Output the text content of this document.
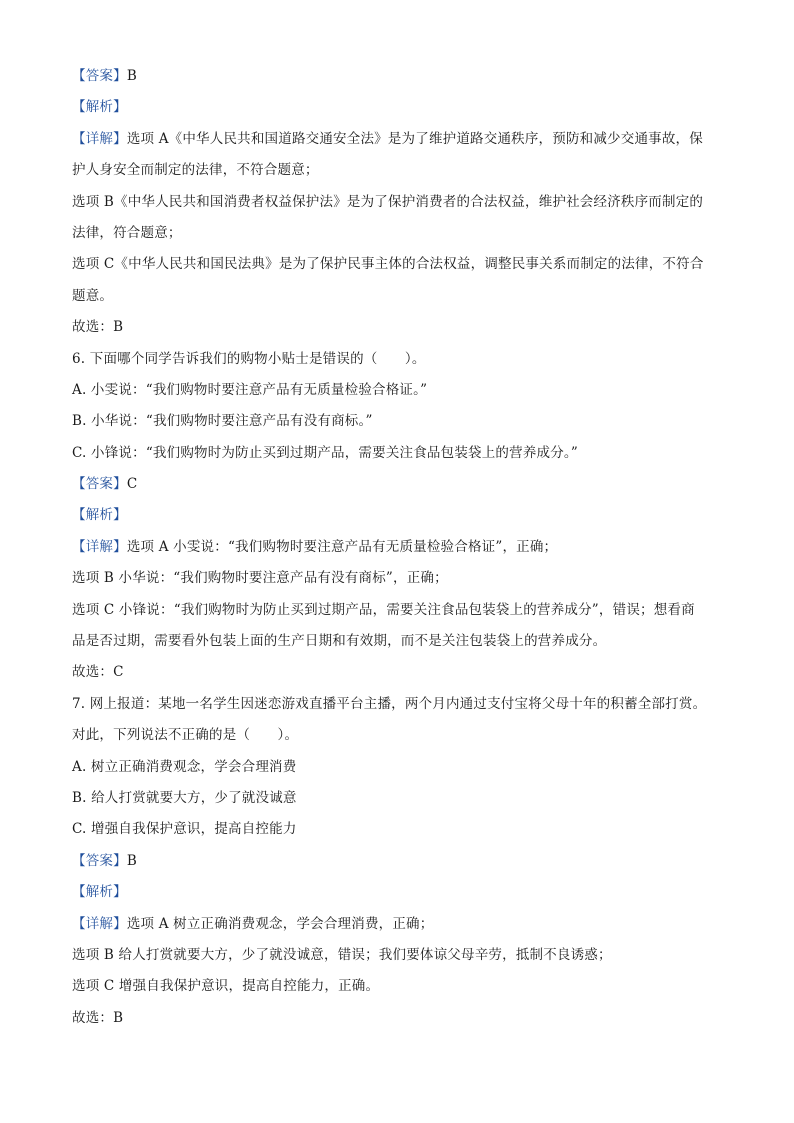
【答案】B
【解析】
【详解】选项 A《中华人民共和国道路交通安全法》是为了维护道路交通秩序，预防和减少交通事故，保
护人身安全而制定的法律，不符合题意；
选项 B《中华人民共和国消费者权益保护法》是为了保护消费者的合法权益，维护社会经济秩序而制定的
法律，符合题意；
选项 C《中华人民共和国民法典》是为了保护民事主体的合法权益，调整民事关系而制定的法律，不符合
题意。
故选：B
6. 下面哪个同学告诉我们的购物小贴士是错误的（　　）。
A. 小雯说：“我们购物时要注意产品有无质量检验合格证。”
B. 小华说：“我们购物时要注意产品有没有商标。”
C. 小锋说：“我们购物时为防止买到过期产品，需要关注食品包装袋上的营养成分。”
【答案】C
【解析】
【详解】选项 A 小雯说：“我们购物时要注意产品有无质量检验合格证”，正确；
选项 B 小华说：“我们购物时要注意产品有没有商标”，正确；
选项 C 小锋说：“我们购物时为防止买到过期产品，需要关注食品包装袋上的营养成分”，错误；想看商
品是否过期，需要看外包装上面的生产日期和有效期，而不是关注包装袋上的营养成分。
故选：C
7. 网上报道：某地一名学生因迷恋游戏直播平台主播，两个月内通过支付宝将父母十年的积蓄全部打赏。
对此，下列说法不正确的是（　　）。
A. 树立正确消费观念，学会合理消费
B. 给人打赏就要大方，少了就没诚意
C. 增强自我保护意识，提高自控能力
【答案】B
【解析】
【详解】选项 A 树立正确消费观念，学会合理消费，正确；
选项 B 给人打赏就要大方，少了就没诚意，错误；我们要体谅父母辛劳，抵制不良诱惑；
选项 C 增强自我保护意识，提高自控能力，正确。
故选：B
